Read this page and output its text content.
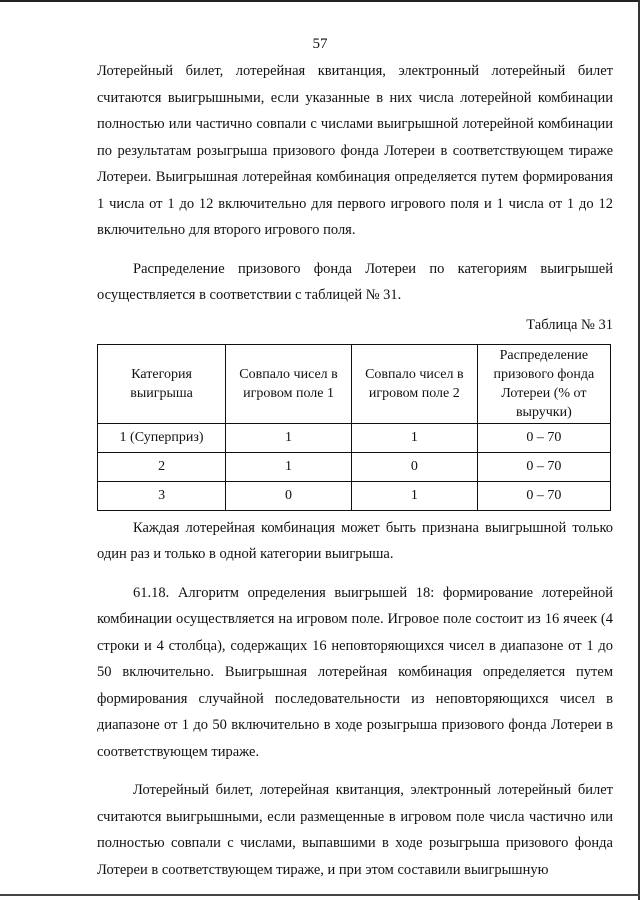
57

Лотерейный билет, лотерейная квитанция, электронный лотерейный билет считаются выигрышными, если указанные в них числа лотерейной комбинации полностью или частично совпали с числами выигрышной лотерейной комбинации по результатам розыгрыша призового фонда Лотереи в соответствующем тираже Лотереи. Выигрышная лотерейная комбинация определяется путем формирования 1 числа от 1 до 12 включительно для первого игрового поля и 1 числа от 1 до 12 включительно для второго игрового поля.

Распределение призового фонда Лотереи по категориям выигрышей осуществляется в соответствии с таблицей № 31.

Таблица № 31
Категория выигрыша	Совпало чисел в игровом поле 1	Совпало чисел в игровом поле 2	Распределение призового фонда Лотереи (% от выручки)
1 (Суперприз)	1	1	0 – 70
2	1	0	0 – 70
3	0	1	0 – 70

Каждая лотерейная комбинация может быть признана выигрышной только один раз и только в одной категории выигрыша.

61.18. Алгоритм определения выигрышей 18: формирование лотерейной комбинации осуществляется на игровом поле. Игровое поле состоит из 16 ячеек (4 строки и 4 столбца), содержащих 16 неповторяющихся чисел в диапазоне от 1 до 50 включительно. Выигрышная лотерейная комбинация определяется путем формирования случайной последовательности из неповторяющихся чисел в диапазоне от 1 до 50 включительно в ходе розыгрыша призового фонда Лотереи в соответствующем тираже.

Лотерейный билет, лотерейная квитанция, электронный лотерейный билет считаются выигрышными, если размещенные в игровом поле числа частично или полностью совпали с числами, выпавшими в ходе розыгрыша призового фонда Лотереи в соответствующем тираже, и при этом составили выигрышную
